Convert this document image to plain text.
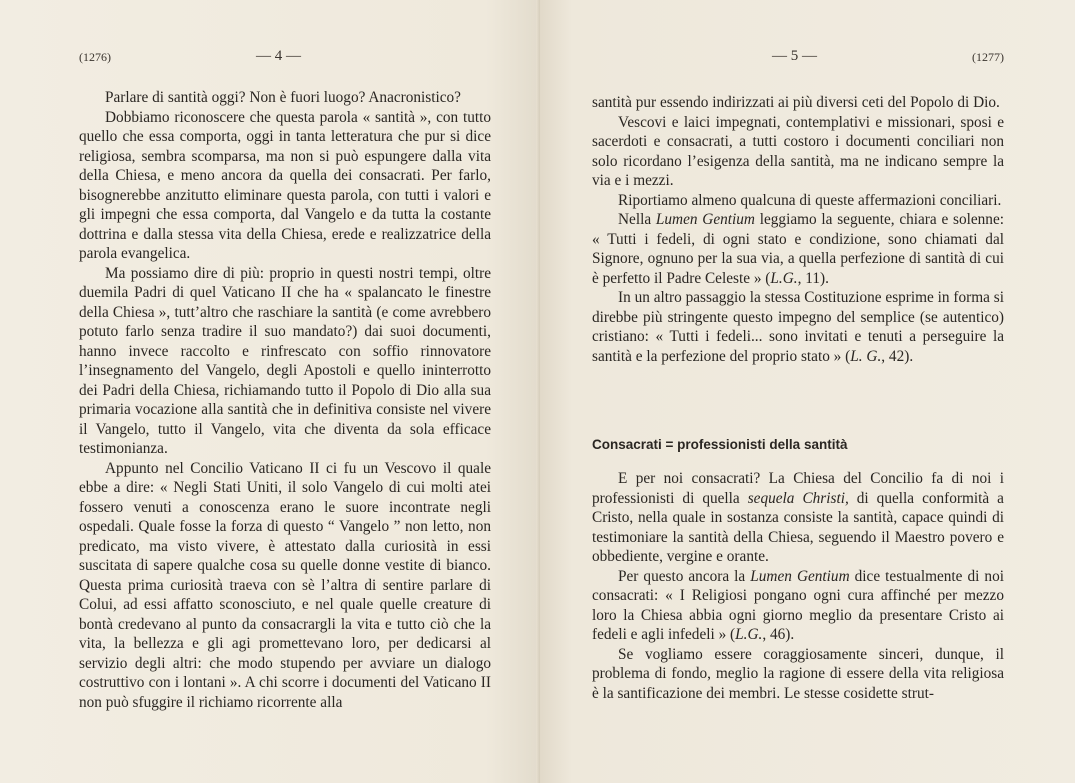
(1276)	— 4 —

Parlare di santità oggi? Non è fuori luogo? Anacronistico?

Dobbiamo riconoscere che questa parola « santità », con tutto quello che essa comporta, oggi in tanta letteratura che pur si dice religiosa, sembra scomparsa, ma non si può espungere dalla vita della Chiesa, e meno ancora da quella dei consacrati. Per farlo, bisognerebbe anzitutto eliminare questa parola, con tutti i valori e gli impegni che essa comporta, dal Vangelo e da tutta la costante dottrina e dalla stessa vita della Chiesa, erede e realizzatrice della parola evangelica.

Ma possiamo dire di più: proprio in questi nostri tempi, oltre duemila Padri di quel Vaticano II che ha « spalancato le finestre della Chiesa », tutt’altro che raschiare la santità (e come avrebbero potuto farlo senza tradire il suo mandato?) dai suoi documenti, hanno invece raccolto e rinfrescato con soffio rinnovatore l’insegnamento del Vangelo, degli Apostoli e quello ininterrotto dei Padri della Chiesa, richiamando tutto il Popolo di Dio alla sua primaria vocazione alla santità che in definitiva consiste nel vivere il Vangelo, tutto il Vangelo, vita che diventa da sola efficace testimonianza.

Appunto nel Concilio Vaticano II ci fu un Vescovo il quale ebbe a dire: « Negli Stati Uniti, il solo Vangelo di cui molti atei fossero venuti a conoscenza erano le suore incontrate negli ospedali. Quale fosse la forza di questo “ Vangelo ” non letto, non predicato, ma visto vivere, è attestato dalla curiosità in essi suscitata di sapere qualche cosa su quelle donne vestite di bianco. Questa prima curiosità traeva con sè l’altra di sentire parlare di Colui, ad essi affatto sconosciuto, e nel quale quelle creature di bontà credevano al punto da consacrargli la vita e tutto ciò che la vita, la bellezza e gli agi promettevano loro, per dedicarsi al servizio degli altri: che modo stupendo per avviare un dialogo costruttivo con i lontani ». A chi scorre i documenti del Vaticano II non può sfuggire il richiamo ricorrente alla

— 5 —	(1277)

santità pur essendo indirizzati ai più diversi ceti del Popolo di Dio.

Vescovi e laici impegnati, contemplativi e missionari, sposi e sacerdoti e consacrati, a tutti costoro i documenti conciliari non solo ricordano l’esigenza della santità, ma ne indicano sempre la via e i mezzi.

Riportiamo almeno qualcuna di queste affermazioni conciliari.

Nella Lumen Gentium leggiamo la seguente, chiara e solenne: « Tutti i fedeli, di ogni stato e condizione, sono chiamati dal Signore, ognuno per la sua via, a quella perfezione di santità di cui è perfetto il Padre Celeste » (L.G., 11).

In un altro passaggio la stessa Costituzione esprime in forma si direbbe più stringente questo impegno del semplice (se autentico) cristiano: « Tutti i fedeli... sono invitati e tenuti a perseguire la santità e la perfezione del proprio stato » (L. G., 42).

Consacrati = professionisti della santità

E per noi consacrati? La Chiesa del Concilio fa di noi i professionisti di quella sequela Christi, di quella conformità a Cristo, nella quale in sostanza consiste la santità, capace quindi di testimoniare la santità della Chiesa, seguendo il Maestro povero e obbediente, vergine e orante.

Per questo ancora la Lumen Gentium dice testualmente di noi consacrati: « I Religiosi pongano ogni cura affinché per mezzo loro la Chiesa abbia ogni giorno meglio da presentare Cristo ai fedeli e agli infedeli » (L.G., 46).

Se vogliamo essere coraggiosamente sinceri, dunque, il problema di fondo, meglio la ragione di essere della vita religiosa è la santificazione dei membri. Le stesse cosidette strut-
